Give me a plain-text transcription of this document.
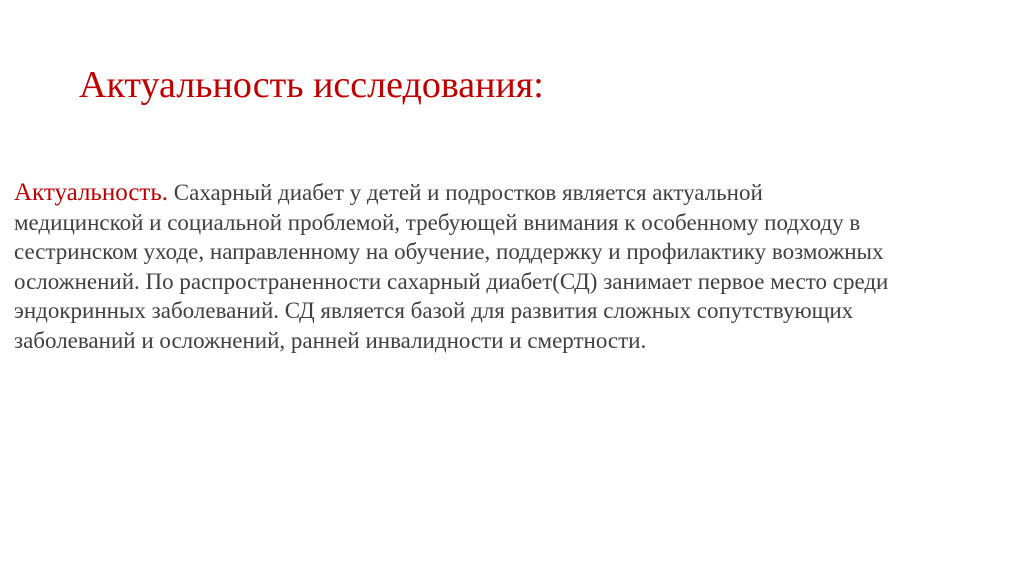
Актуальность исследования:
Актуальность. Сахарный диабет у детей и подростков является актуальной
медицинской и социальной проблемой, требующей внимания к особенному подходу в
сестринском уходе, направленному на обучение, поддержку и профилактику возможных
осложнений. По распространенности сахарный диабет(СД) занимает первое место среди
эндокринных заболеваний. СД является базой для развития сложных сопутствующих
заболеваний и осложнений, ранней инвалидности и смертности.
